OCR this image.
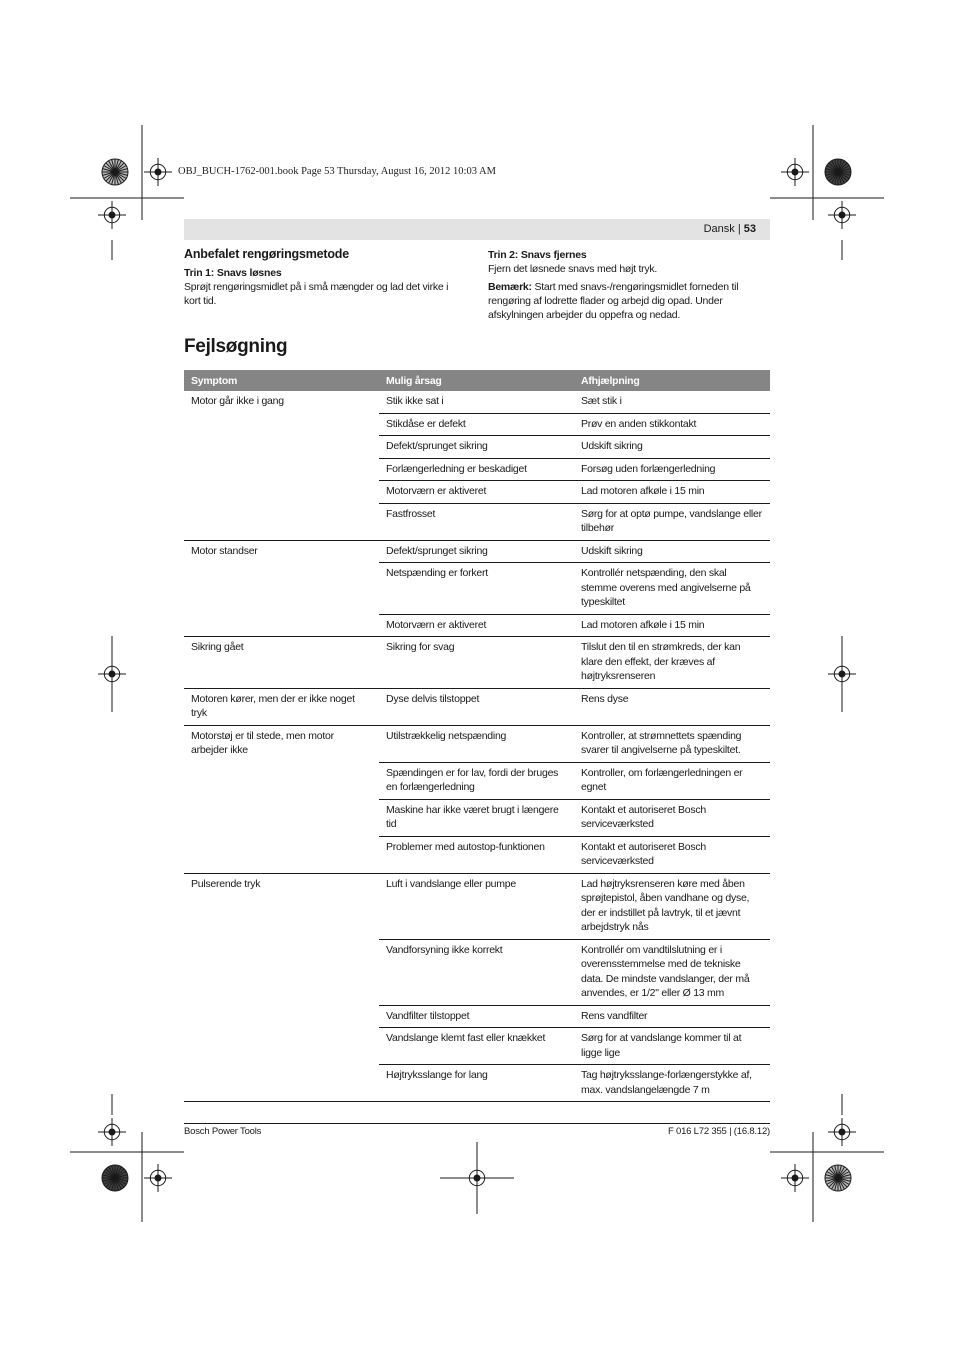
OBJ_BUCH-1762-001.book Page 53 Thursday, August 16, 2012 10:03 AM
Dansk | 53

Anbefalet rengøringsmetode

Trin 1: Snavs løsnes

Sprøjt rengøringsmidlet på i små mængder og lad det virke i kort tid.

Trin 2: Snavs fjernes

Fjern det løsnede snavs med højt tryk.

Bemærk: Start med snavs-/rengøringsmidlet forneden til rengøring af lodrette flader og arbejd dig opad. Under afskylningen arbejder du oppefra og nedad.

Fejlsøgning
Symptom	Mulig årsag	Afhjælpning
Motor går ikke i gang	Stik ikke sat i	Sæt stik i
	Stikdåse er defekt	Prøv en anden stikkontakt
	Defekt/sprunget sikring	Udskift sikring
	Forlængerledning er beskadiget	Forsøg uden forlængerledning
	Motorværn er aktiveret	Lad motoren afkøle i 15 min
	Fastfrosset	Sørg for at optø pumpe, vandslange eller tilbehør
Motor standser	Defekt/sprunget sikring	Udskift sikring
	Netspænding er forkert	Kontrollér netspænding, den skal stemme overens med angivelserne på typeskiltet
	Motorværn er aktiveret	Lad motoren afkøle i 15 min
Sikring gået	Sikring for svag	Tilslut den til en strømkreds, der kan klare den effekt, der kræves af højtryksrenseren
Motoren kører, men der er ikke noget tryk	Dyse delvis tilstoppet	Rens dyse
Motorstøj er til stede, men motor arbejder ikke	Utilstrækkelig netspænding	Kontroller, at strømnettets spænding svarer til angivelserne på typeskiltet.
	Spændingen er for lav, fordi der bruges en forlængerledning	Kontroller, om forlængerledningen er egnet
	Maskine har ikke været brugt i længere tid	Kontakt et autoriseret Bosch serviceværksted
	Problemer med autostop-funktionen	Kontakt et autoriseret Bosch serviceværksted
Pulserende tryk	Luft i vandslange eller pumpe	Lad højtryksrenseren køre med åben sprøjtepistol, åben vandhane og dyse, der er indstillet på lavtryk, til et jævnt arbejdstryk nås
	Vandforsyning ikke korrekt	Kontrollér om vandtilslutning er i overensstemmelse med de tekniske data. De mindste vandslanger, der må anvendes, er 1/2" eller Ø 13 mm
	Vandfilter tilstoppet	Rens vandfilter
	Vandslange klemt fast eller knækket	Sørg for at vandslange kommer til at ligge lige
	Højtryksslange for lang	Tag højtryksslange-forlængerstykke af, max. vandslangelængde 7 m
Bosch Power Tools	F 016 L72 355 | (16.8.12)
